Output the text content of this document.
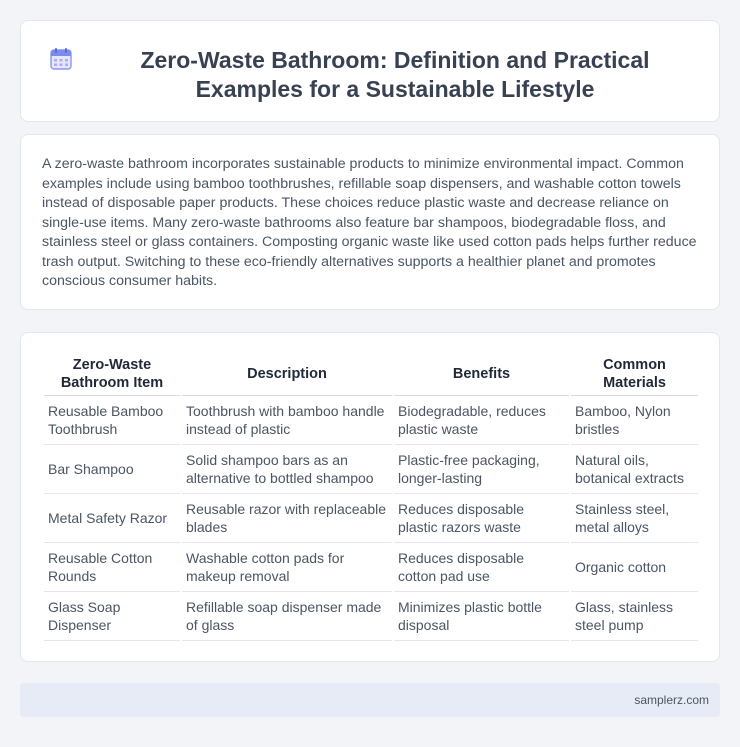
Zero-Waste Bathroom: Definition and Practical Examples for a Sustainable Lifestyle

A zero-waste bathroom incorporates sustainable products to minimize environmental impact. Common examples include using bamboo toothbrushes, refillable soap dispensers, and washable cotton towels instead of disposable paper products. These choices reduce plastic waste and decrease reliance on single-use items. Many zero-waste bathrooms also feature bar shampoos, biodegradable floss, and stainless steel or glass containers. Composting organic waste like used cotton pads helps further reduce trash output. Switching to these eco-friendly alternatives supports a healthier planet and promotes conscious consumer habits.

Zero-Waste Bathroom Item	Description	Benefits	Common Materials
Reusable Bamboo Toothbrush	Toothbrush with bamboo handle instead of plastic	Biodegradable, reduces plastic waste	Bamboo, Nylon bristles
Bar Shampoo	Solid shampoo bars as an alternative to bottled shampoo	Plastic-free packaging, longer-lasting	Natural oils, botanical extracts
Metal Safety Razor	Reusable razor with replaceable blades	Reduces disposable plastic razors waste	Stainless steel, metal alloys
Reusable Cotton Rounds	Washable cotton pads for makeup removal	Reduces disposable cotton pad use	Organic cotton
Glass Soap Dispenser	Refillable soap dispenser made of glass	Minimizes plastic bottle disposal	Glass, stainless steel pump
samplerz.com
